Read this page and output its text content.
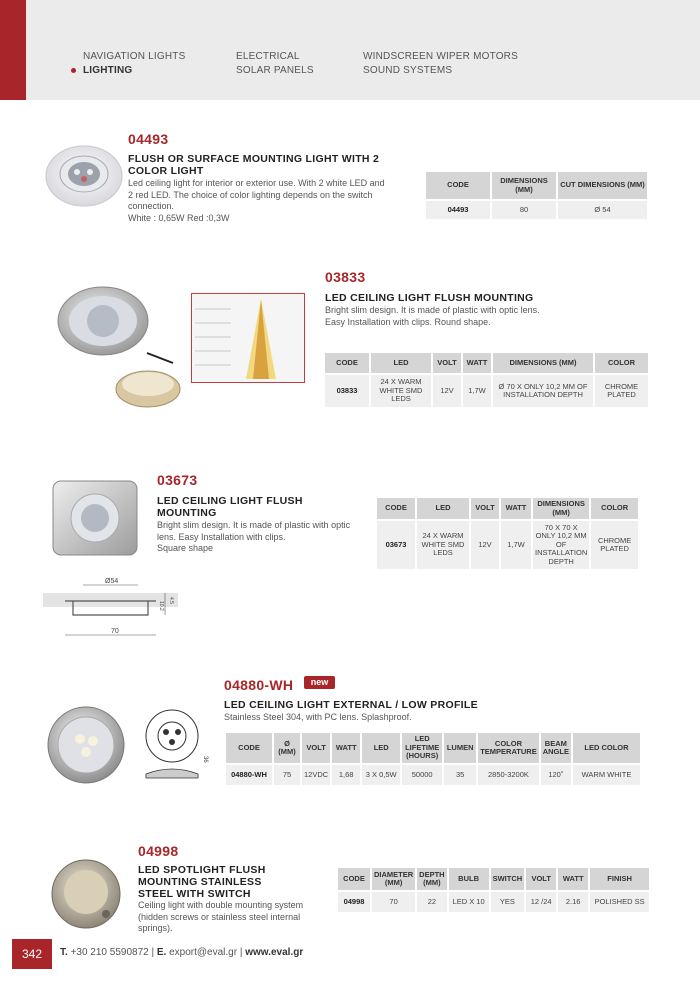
NAVIGATION LIGHTS
LIGHTING
ELECTRICAL
SOLAR PANELS
WINDSCREEN WIPER MOTORS
SOUND SYSTEMS
04493
FLUSH OR SURFACE MOUNTING LIGHT WITH 2
COLOR LIGHT
Led ceiling light for interior or exterior use. With 2 white LED and
2 red LED. The choice of color lighting depends on the switch
connection.
White : 0,65W Red :0,3W
CODE	DIMENSIONS (MM)	CUT DIMENSIONS (MM)
04493	80	Ø 54
03833
LED CEILING LIGHT FLUSH MOUNTING
Bright slim design. It is made of plastic with optic lens.
Easy Installation with clips. Round shape.
CODE	LED	VOLT	WATT	DIMENSIONS (MM)	COLOR
03833	24 X WARM WHITE SMD LEDS	12V	1,7W	Ø 70 X ONLY 10,2 MM OF INSTALLATION DEPTH	CHROME PLATED
Ø54
70
10.2
4.5
03673
LED CEILING LIGHT FLUSH
MOUNTING
Bright slim design. It is made of plastic with optic
lens. Easy Installation with clips.
Square shape
CODE	LED	VOLT	WATT	DIMENSIONS (MM)	COLOR
03673	24 X WARM WHITE SMD LEDS	12V	1,7W	70 X 70 X ONLY 10,2 MM OF INSTALLATION DEPTH	CHROME PLATED
36
04880-WH	new
LED CEILING LIGHT EXTERNAL / LOW PROFILE
Stainless Steel 304, with PC lens. Splashproof.
CODE	Ø (MM)	VOLT	WATT	LED	LED LIFETIME (HOURS)	LUMEN	COLOR TEMPERATURE	BEAM ANGLE	LED COLOR
04880-WH	75	12VDC	1,68	3 X 0,5W	50000	35	2850-3200K	120˚	WARM WHITE
04998
LED SPOTLIGHT FLUSH
MOUNTING STAINLESS
STEEL WITH SWITCH
Ceiling light with double mounting system
(hidden screws or stainless steel internal
springs).
CODE	DIAMETER (MM)	DEPTH (MM)	BULB	SWITCH	VOLT	WATT	FINISH
04998	70	22	LED X 10	YES	12 /24	2.16	POLISHED SS
342	T. +30 210 5590872 | E. export@eval.gr | www.eval.gr
